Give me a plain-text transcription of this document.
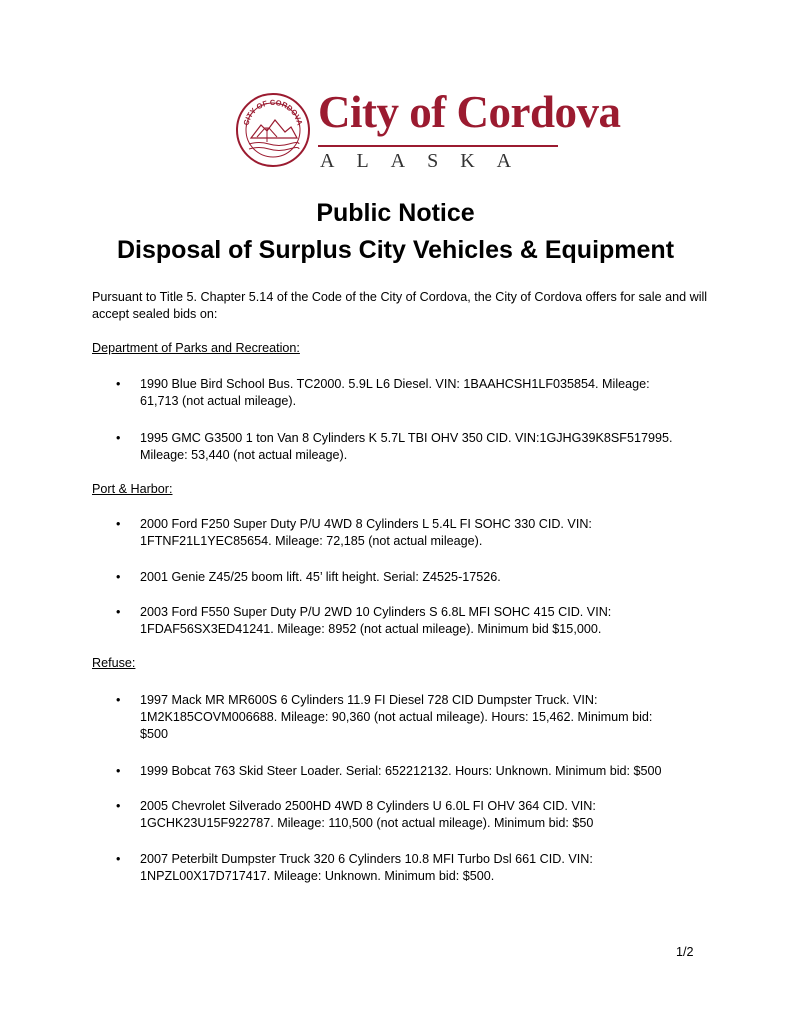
CITY OF CORDOVA City of Cordova
ALASKA
Public Notice
Disposal of Surplus City Vehicles & Equipment
Pursuant to Title 5. Chapter 5.14 of the Code of the City of Cordova, the City of Cordova offers for sale and will accept sealed bids on:
Department of Parks and Recreation:
• 1990 Blue Bird School Bus. TC2000. 5.9L L6 Diesel. VIN: 1BAAHCSH1LF035854. Mileage: 61,713 (not actual mileage).
• 1995 GMC G3500 1 ton Van 8 Cylinders K 5.7L TBI OHV 350 CID. VIN:1GJHG39K8SF517995. Mileage: 53,440 (not actual mileage).
Port & Harbor:
• 2000 Ford F250 Super Duty P/U 4WD 8 Cylinders L 5.4L FI SOHC 330 CID. VIN: 1FTNF21L1YEC85654. Mileage: 72,185 (not actual mileage).
• 2001 Genie Z45/25 boom lift. 45’ lift height. Serial: Z4525-17526.
• 2003 Ford F550 Super Duty P/U 2WD 10 Cylinders S 6.8L MFI SOHC 415 CID. VIN: 1FDAF56SX3ED41241. Mileage: 8952 (not actual mileage). Minimum bid $15,000.
Refuse:
• 1997 Mack MR MR600S 6 Cylinders 11.9 FI Diesel 728 CID Dumpster Truck. VIN: 1M2K185COVM006688. Mileage: 90,360 (not actual mileage). Hours: 15,462. Minimum bid: $500
• 1999 Bobcat 763 Skid Steer Loader. Serial: 652212132. Hours: Unknown. Minimum bid: $500
• 2005 Chevrolet Silverado 2500HD 4WD 8 Cylinders U 6.0L FI OHV 364 CID. VIN: 1GCHK23U15F922787. Mileage: 110,500 (not actual mileage). Minimum bid: $50
• 2007 Peterbilt Dumpster Truck 320 6 Cylinders 10.8 MFI Turbo Dsl 661 CID. VIN: 1NPZL00X17D717417. Mileage: Unknown. Minimum bid: $500.
1/2
